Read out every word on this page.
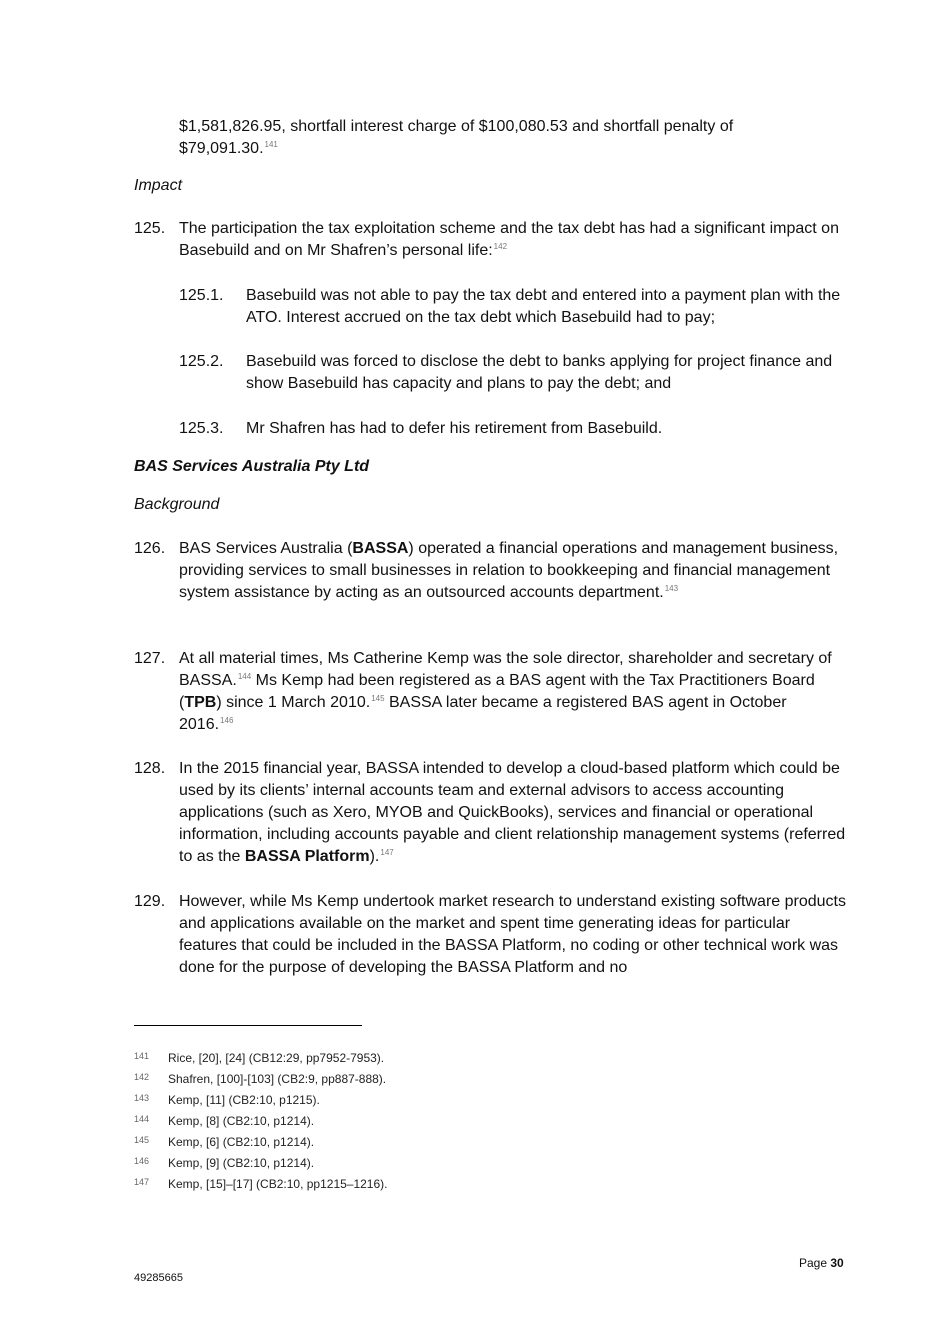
$1,581,826.95, shortfall interest charge of $100,080.53 and shortfall penalty of $79,091.30.$^{141}$

Impact

125. The participation the tax exploitation scheme and the tax debt has had a significant impact on Basebuild and on Mr Shafren’s personal life:$^{142}$
125.1.	Basebuild was not able to pay the tax debt and entered into a payment plan with the ATO. Interest accrued on the tax debt which Basebuild had to pay;
125.2.	Basebuild was forced to disclose the debt to banks applying for project finance and show Basebuild has capacity and plans to pay the debt; and
125.3.	Mr Shafren has had to defer his retirement from Basebuild.

BAS Services Australia Pty Ltd

Background

126. BAS Services Australia (BASSA) operated a financial operations and management business, providing services to small businesses in relation to bookkeeping and financial management system assistance by acting as an outsourced accounts department.$^{143}$
127. At all material times, Ms Catherine Kemp was the sole director, shareholder and secretary of BASSA.$^{144}$ Ms Kemp had been registered as a BAS agent with the Tax Practitioners Board (TPB) since 1 March 2010.$^{145}$ BASSA later became a registered BAS agent in October 2016.$^{146}$
128. In the 2015 financial year, BASSA intended to develop a cloud-based platform which could be used by its clients’ internal accounts team and external advisors to access accounting applications (such as Xero, MYOB and QuickBooks), services and financial or operational information, including accounts payable and client relationship management systems (referred to as the BASSA Platform).$^{147}$
129. However, while Ms Kemp undertook market research to understand existing software products and applications available on the market and spent time generating ideas for particular features that could be included in the BASSA Platform, no coding or other technical work was done for the purpose of developing the BASSA Platform and no
141	Rice, [20], [24] (CB12:29, pp7952-7953).
142	Shafren, [100]-[103] (CB2:9, pp887-888).
143	Kemp, [11] (CB2:10, p1215).
144	Kemp, [8] (CB2:10, p1214).
145	Kemp, [6] (CB2:10, p1214).
146	Kemp, [9] (CB2:10, p1214).
147	Kemp, [15]–[17] (CB2:10, pp1215–1216).
Page 30
49285665
